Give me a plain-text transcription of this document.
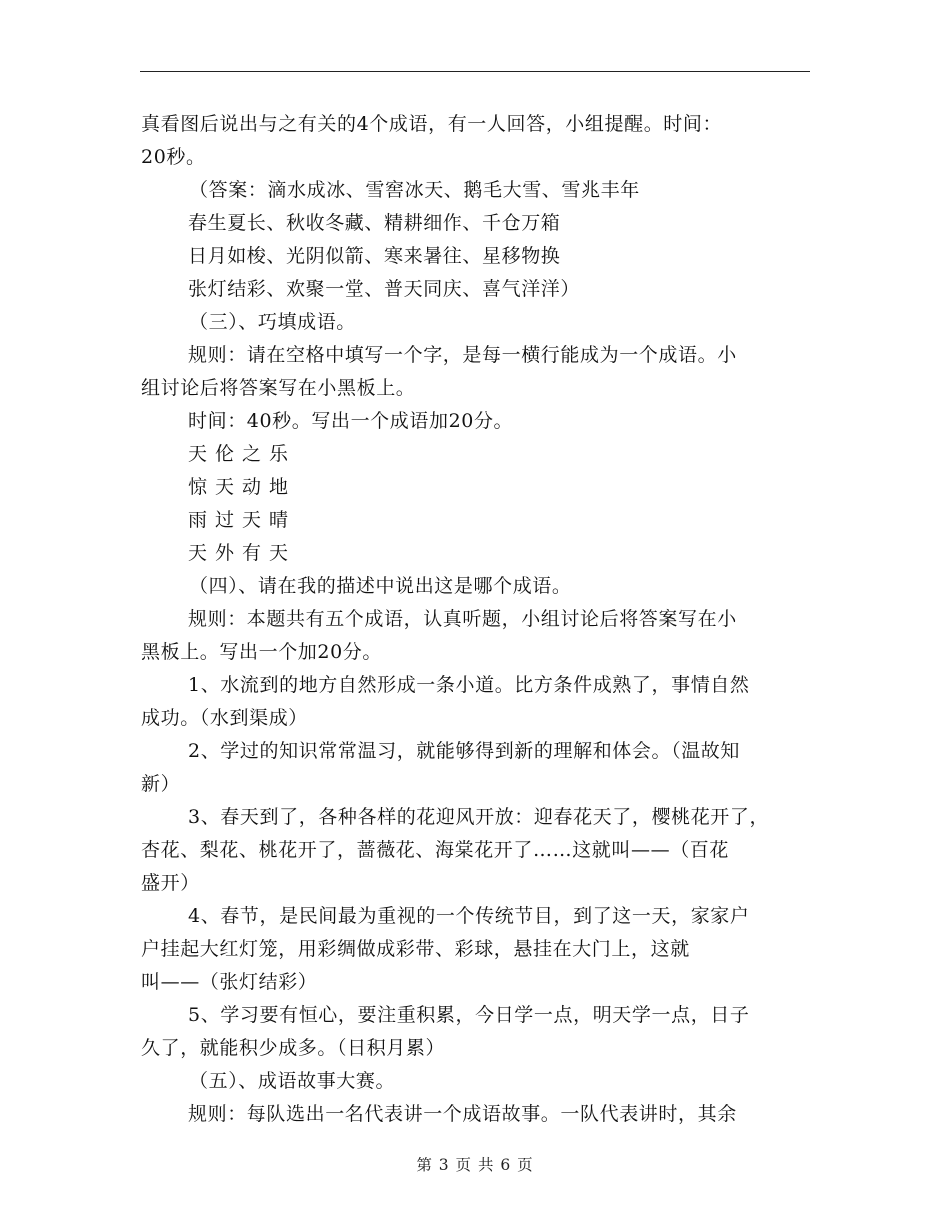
真看图后说出与之有关的4个成语，有一人回答，小组提醒。时间：

20秒。

（答案：滴水成冰、雪窖冰天、鹅毛大雪、雪兆丰年

春生夏长、秋收冬藏、精耕细作、千仓万箱

日月如梭、光阴似箭、寒来暑往、星移物换

张灯结彩、欢聚一堂、普天同庆、喜气洋洋）

（三）、巧填成语。

规则：请在空格中填写一个字，是每一横行能成为一个成语。小

组讨论后将答案写在小黑板上。

时间：40秒。写出一个成语加20分。

天伦之乐

惊天动地

雨过天晴

天外有天

（四）、请在我的描述中说出这是哪个成语。

规则：本题共有五个成语，认真听题，小组讨论后将答案写在小

黑板上。写出一个加20分。

1、水流到的地方自然形成一条小道。比方条件成熟了，事情自然

成功。（水到渠成）

2、学过的知识常常温习，就能够得到新的理解和体会。（温故知

新）

3、春天到了，各种各样的花迎风开放：迎春花天了，樱桃花开了，

杏花、梨花、桃花开了，蔷薇花、海棠花开了……这就叫——（百花

盛开）

4、春节，是民间最为重视的一个传统节目，到了这一天，家家户

户挂起大红灯笼，用彩绸做成彩带、彩球，悬挂在大门上，这就

叫——（张灯结彩）

5、学习要有恒心，要注重积累，今日学一点，明天学一点，日子

久了，就能积少成多。（日积月累）

（五）、成语故事大赛。

规则：每队选出一名代表讲一个成语故事。一队代表讲时，其余

第 3 页 共 6 页
